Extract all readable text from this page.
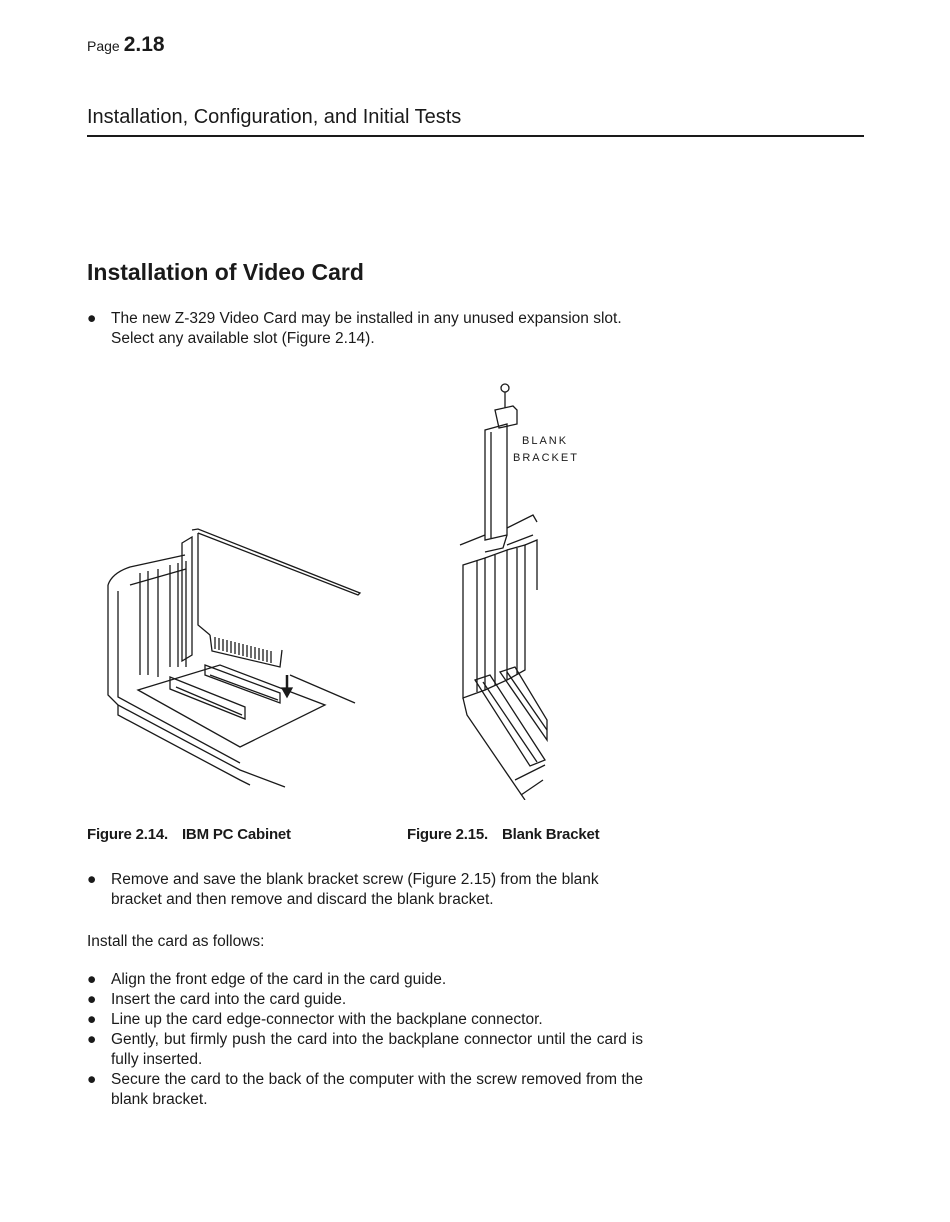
Page 2.18
Installation, Configuration, and Initial Tests
Installation of Video Card
● The new Z-329 Video Card may be installed in any unused expansion slot. Select any available slot (Figure 2.14).
BLANK
BRACKET
Figure 2.14. IBM PC Cabinet	Figure 2.15. Blank Bracket
● Remove and save the blank bracket screw (Figure 2.15) from the blank bracket and then remove and discard the blank bracket.
Install the card as follows:
● Align the front edge of the card in the card guide.
● Insert the card into the card guide.
● Line up the card edge-connector with the backplane connector.
● Gently, but firmly push the card into the backplane connector until the card is fully inserted.
● Secure the card to the back of the computer with the screw removed from the blank bracket.
